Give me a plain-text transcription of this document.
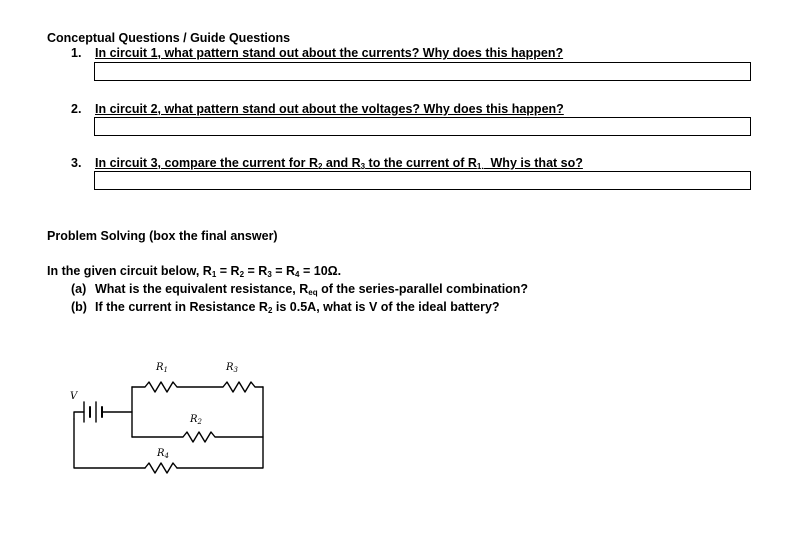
Conceptual Questions / Guide Questions
1. In circuit 1, what pattern stand out about the currents? Why does this happen?
2. In circuit 2, what pattern stand out about the voltages? Why does this happen?
3. In circuit 3, compare the current for $R_2$ and $R_3$ to the current of $R_{1.}$  Why is that so?
Problem Solving (box the final answer)
In the given circuit below, $R_1 = R_2 = R_3 = R_4 = 10\Omega$.
(a) What is the equivalent resistance, $R_{eq}$ of the series-parallel combination?
(b) If the current in Resistance $R_2$ is 0.5A, what is V of the ideal battery?
V
$R_1$	$R_3$
$R_2$
$R_4$
